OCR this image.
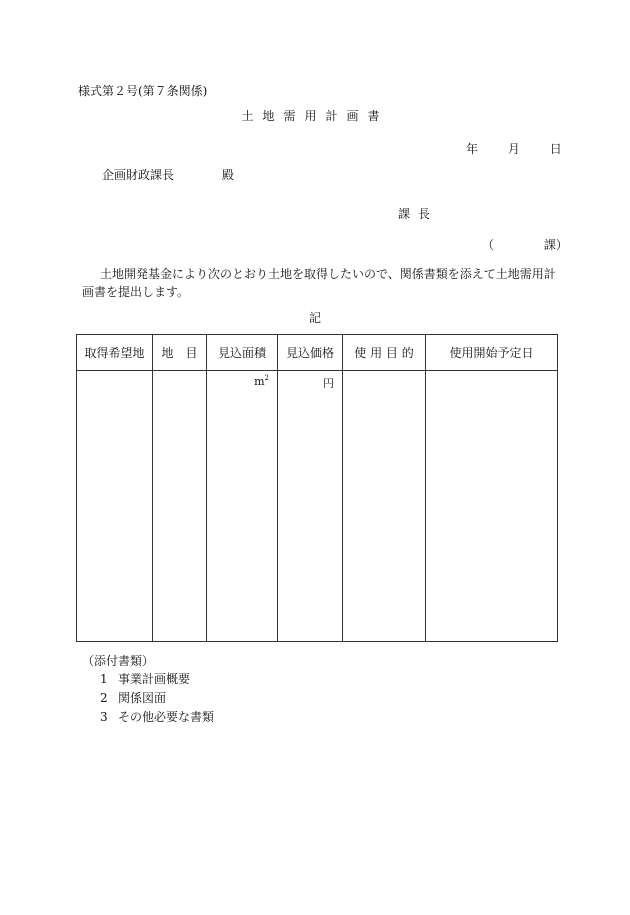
様式第２号(第７条関係)
土地需用計画書
年 月 日
企画財政課長	殿
課長
（	課）
土地開発基金により次のとおり土地を取得したいので、関係書類を添えて土地需用計
画書を提出します。
記
取得希望地	地　目	見込面積	見込価格	使 用 目 的	使用開始予定日

		$m^2$	円		

（添付書類）
1 事業計画概要
2 関係図面
3 その他必要な書類
